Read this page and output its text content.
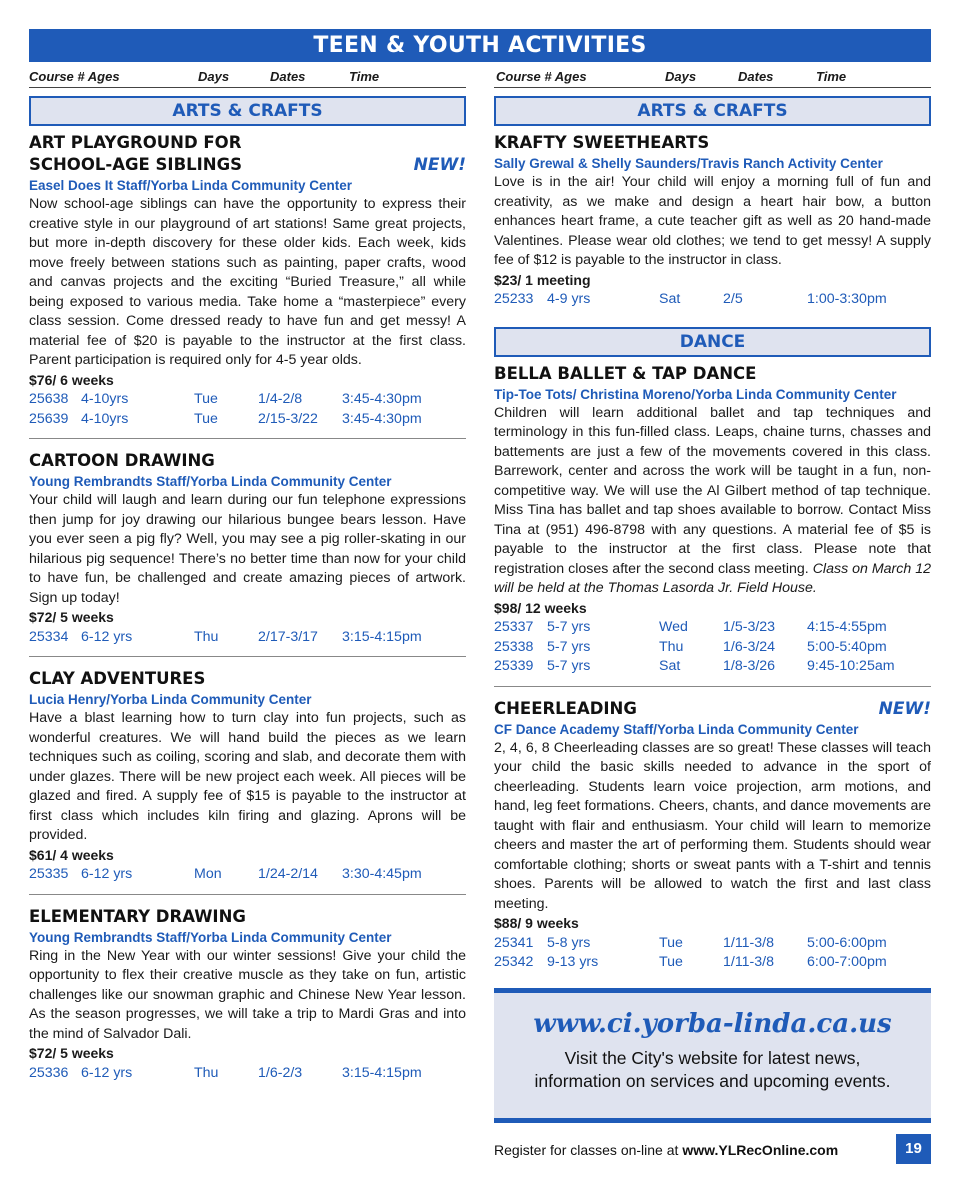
TEEN & YOUTH ACTIVITIES
Course # Ages	Days	Dates	Time
ARTS & CRAFTS
ART PLAYGROUND FOR
SCHOOL-AGE SIBLINGS	NEW!
Easel Does It Staff/Yorba Linda Community Center
Now school-age siblings can have the opportunity to express their creative style in our playground of art stations! Same great projects, but more in-depth discovery for these older kids. Each week, kids move freely between stations such as painting, paper crafts, wood and canvas projects and the exciting “Buried Treasure,” all while being exposed to various media. Take home a “masterpiece” every class session. Come dressed ready to have fun and get messy! A material fee of $20 is payable to the instructor at the first class. Parent participation is required only for 4-5 year olds.
$76/ 6 weeks
25638 4-10yrs	Tue	1/4-2/8	3:45-4:30pm
25639 4-10yrs	Tue	2/15-3/22 3:45-4:30pm
CARTOON DRAWING
Young Rembrandts Staff/Yorba Linda Community Center
Your child will laugh and learn during our fun telephone expressions then jump for joy drawing our hilarious bungee bears lesson. Have you ever seen a pig fly? Well, you may see a pig roller-skating in our hilarious pig sequence! There’s no better time than now for your child to have fun, be challenged and create amazing pieces of artwork. Sign up today!
$72/ 5 weeks
25334 6-12 yrs	Thu	2/17-3/17 3:15-4:15pm
CLAY ADVENTURES
Lucia Henry/Yorba Linda Community Center
Have a blast learning how to turn clay into fun projects, such as wonderful creatures. We will hand build the pieces as we learn techniques such as coiling, scoring and slab, and decorate them with under glazes. There will be new project each week. All pieces will be glazed and fired. A supply fee of $15 is payable to the instructor at first class which includes kiln firing and glazing. Aprons will be provided.
$61/ 4 weeks
25335 6-12 yrs	Mon	1/24-2/14 3:30-4:45pm
ELEMENTARY DRAWING
Young Rembrandts Staff/Yorba Linda Community Center
Ring in the New Year with our winter sessions! Give your child the opportunity to flex their creative muscle as they take on fun, artistic challenges like our snowman graphic and Chinese New Year lesson. As the season progresses, we will take a trip to Mardi Gras and into the mind of Salvador Dali.
$72/ 5 weeks
25336 6-12 yrs	Thu	1/6-2/3	3:15-4:15pm
Course # Ages	Days	Dates	Time
ARTS & CRAFTS
KRAFTY SWEETHEARTS
Sally Grewal & Shelly Saunders/Travis Ranch Activity Center
Love is in the air! Your child will enjoy a morning full of fun and creativity, as we make and design a heart hair bow, a button enhances heart frame, a cute teacher gift as well as 20 hand-made Valentines. Please wear old clothes; we tend to get messy! A supply fee of $12 is payable to the instructor in class.
$23/ 1 meeting
25233 4-9 yrs	Sat	2/5	1:00-3:30pm
DANCE
BELLA BALLET & TAP DANCE
Tip-Toe Tots/ Christina Moreno/Yorba Linda Community Center
Children will learn additional ballet and tap techniques and terminology in this fun-filled class. Leaps, chaine turns, chasses and battements are just a few of the movements covered in this class. Barrework, center and across the work will be taught in a fun, non-competitive way. We will use the Al Gilbert method of tap technique. Miss Tina has ballet and tap shoes available to borrow. Contact Miss Tina at (951) 496-8798 with any questions. A material fee of $5 is payable to the instructor at the first class. Please note that registration closes after the second class meeting. Class on March 12 will be held at the Thomas Lasorda Jr. Field House.
$98/ 12 weeks
25337 5-7 yrs	Wed 1/5-3/23 4:15-4:55pm
25338 5-7 yrs	Thu	1/6-3/24 5:00-5:40pm
25339 5-7 yrs	Sat	1/8-3/26 9:45-10:25am
CHEERLEADING	NEW!
CF Dance Academy Staff/Yorba Linda Community Center
2, 4, 6, 8 Cheerleading classes are so great! These classes will teach your child the basic skills needed to advance in the sport of cheerleading. Students learn voice projection, arm motions, and hand, leg feet formations. Cheers, chants, and dance movements are taught with flair and enthusiasm. Your child will learn to memorize cheers and master the art of performing them. Students should wear comfortable clothing; shorts or sweat pants with a T-shirt and tennis shoes. Parents will be allowed to watch the first and last class meeting.
$88/ 9 weeks
25341 5-8 yrs	Tue	1/11-3/8 5:00-6:00pm
25342 9-13 yrs	Tue	1/11-3/8 6:00-7:00pm
www.ci.yorba-linda.ca.us
Visit the City's website for latest news,
information on services and upcoming events.
Register for classes on-line at www.YLRecOnline.com	19
